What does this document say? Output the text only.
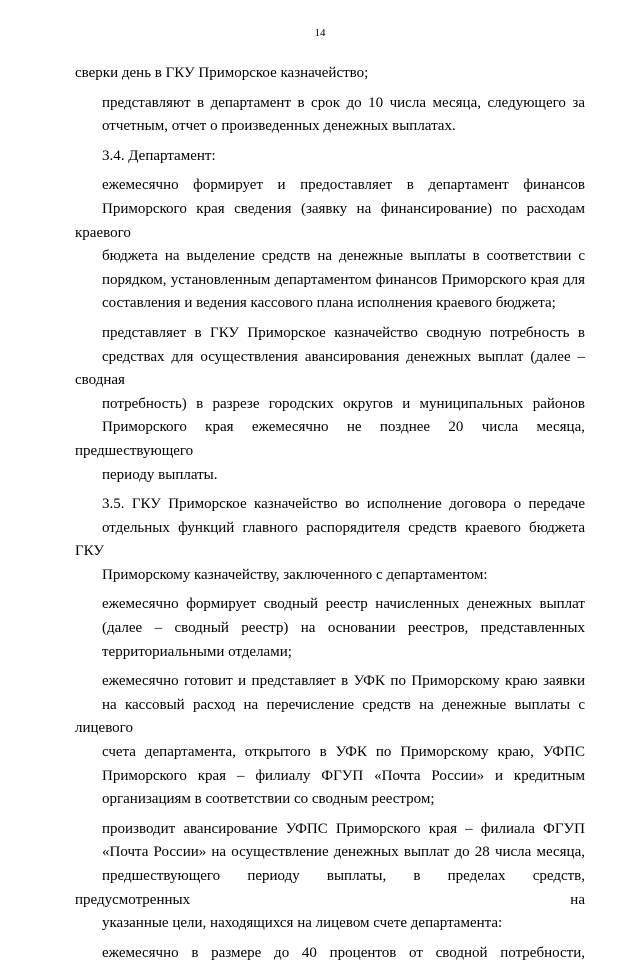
14
сверки день в ГКУ Приморское казначейство;
представляют в департамент в срок до 10 числа месяца, следующего за
отчетным, отчет о произведенных денежных выплатах.
3.4. Департамент:
ежемесячно формирует и предоставляет в департамент финансов
Приморского края сведения (заявку на финансирование) по расходам краевого
бюджета на выделение средств на денежные выплаты в соответствии с
порядком, установленным департаментом финансов Приморского края для
составления и ведения кассового плана исполнения краевого бюджета;
представляет в ГКУ Приморское казначейство сводную потребность в
средствах для осуществления авансирования денежных выплат (далее – сводная
потребность) в разрезе городских округов и муниципальных районов
Приморского края ежемесячно не позднее 20 числа месяца, предшествующего
периоду выплаты.
3.5. ГКУ Приморское казначейство во исполнение договора о передаче
отдельных функций главного распорядителя средств краевого бюджета ГКУ
Приморскому казначейству, заключенного с департаментом:
ежемесячно формирует сводный реестр начисленных денежных выплат
(далее – сводный реестр) на основании реестров, представленных
территориальными отделами;
ежемесячно готовит и представляет в УФК по Приморскому краю заявки
на кассовый расход на перечисление средств на денежные выплаты с лицевого
счета департамента, открытого в УФК по Приморскому краю, УФПС
Приморского края – филиалу ФГУП «Почта России» и кредитным
организациям в соответствии со сводным реестром;
производит авансирование УФПС Приморского края – филиала ФГУП
«Почта России» на осуществление денежных выплат до 28 числа месяца,
предшествующего периоду выплаты, в пределах средств, предусмотренных на
указанные цели, находящихся на лицевом счете департамента:
ежемесячно в размере до 40 процентов от сводной потребности,
